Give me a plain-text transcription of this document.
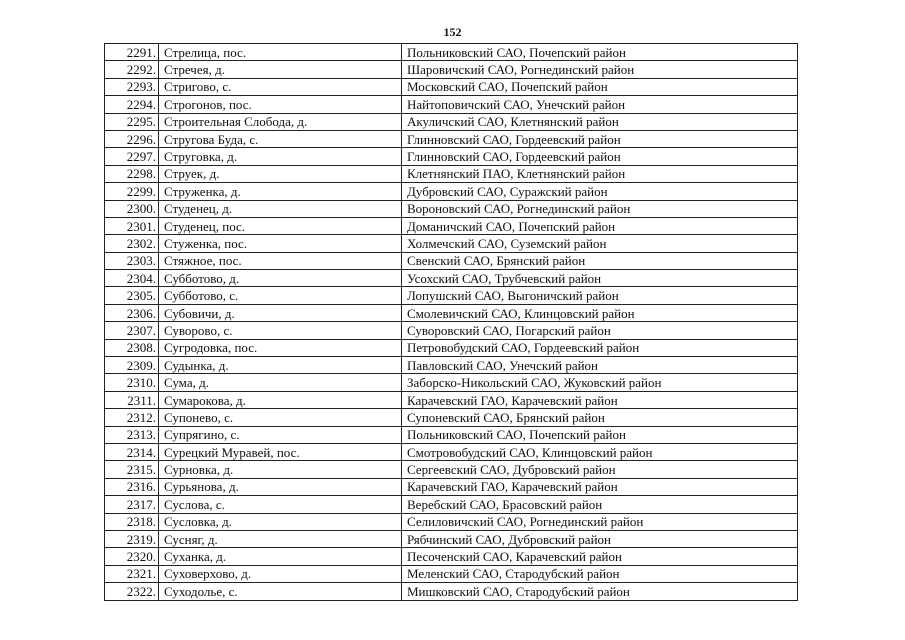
152
2291.	Стрелица, пос.	Польниковский САО, Почепский район
2292.	Стречея, д.	Шаровичский САО, Рогнединский район
2293.	Стригово, с.	Московский САО, Почепский район
2294.	Строгонов, пос.	Найтоповичский САО, Унечский район
2295.	Строительная Слобода, д.	Акуличский САО, Клетнянский район
2296.	Стругова Буда, с.	Глинновский САО, Гордеевский район
2297.	Струговка, д.	Глинновский САО, Гордеевский район
2298.	Струек, д.	Клетнянский ПАО, Клетнянский район
2299.	Струженка, д.	Дубровский САО, Суражский район
2300.	Студенец, д.	Вороновский САО, Рогнединский район
2301.	Студенец, пос.	Доманичский САО, Почепский район
2302.	Стуженка, пос.	Холмечский САО, Суземский район
2303.	Стяжное, пос.	Свенский САО, Брянский район
2304.	Субботово, д.	Усохский САО, Трубчевский район
2305.	Субботово, с.	Лопушский САО, Выгоничский район
2306.	Субовичи, д.	Смолевичский САО, Клинцовский район
2307.	Суворово, с.	Суворовский САО, Погарский район
2308.	Сугродовка, пос.	Петровобудский САО, Гордеевский район
2309.	Судынка, д.	Павловский САО, Унечский район
2310.	Сума, д.	Заборско-Никольский САО, Жуковский район
2311.	Сумарокова, д.	Карачевский ГАО, Карачевский район
2312.	Супонево, с.	Супоневский САО, Брянский район
2313.	Супрягино, с.	Польниковский САО, Почепский район
2314.	Сурецкий Муравей, пос.	Смотровобудский САО, Клинцовский район
2315.	Сурновка, д.	Сергеевский САО, Дубровский район
2316.	Сурьянова, д.	Карачевский ГАО, Карачевский район
2317.	Суслова, с.	Веребский САО, Брасовский район
2318.	Сусловка, д.	Селиловичский САО, Рогнединский район
2319.	Сусняг, д.	Рябчинский САО, Дубровский район
2320.	Суханка, д.	Песоченский САО, Карачевский район
2321.	Суховерхово, д.	Меленский САО, Стародубский район
2322.	Суходолье, с.	Мишковский САО, Стародубский район
